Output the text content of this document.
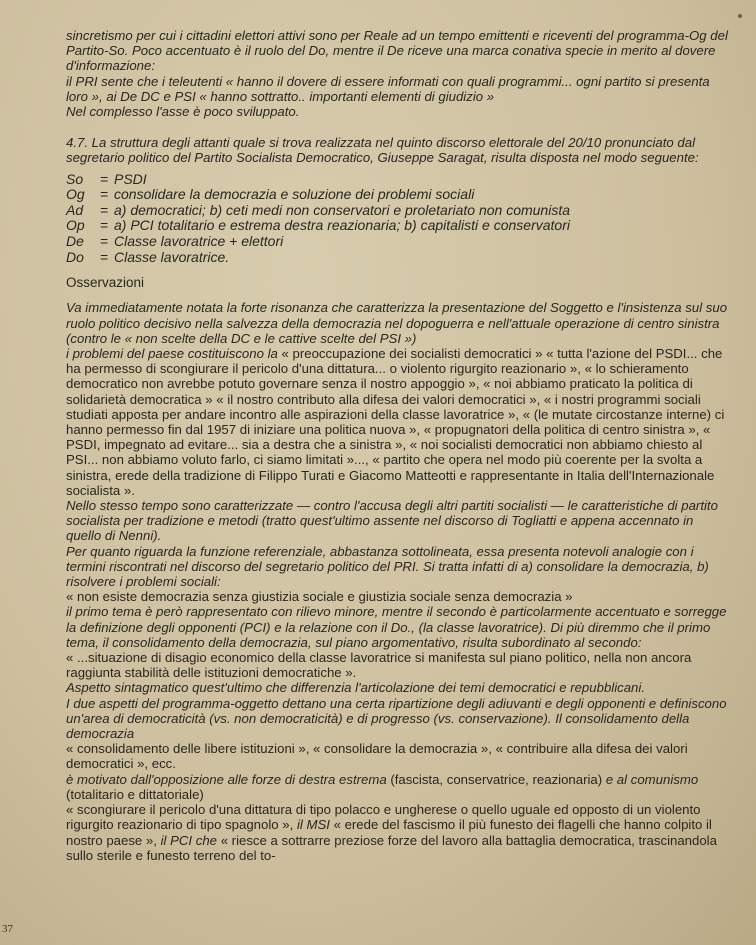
sincretismo per cui i cittadini elettori attivi sono per Reale ad un tempo emittenti e riceventi del programma-Og del Partito-So. Poco accentuato è il ruolo del Do, mentre il De riceve una marca conativa specie in merito al dovere d'informazione:

il PRI sente che i teleutenti « hanno il dovere di essere informati con quali programmi... ogni partito si presenta loro », ai De DC e PSI « hanno sottratto.. importanti elementi di giudizio »

Nel complesso l'asse è poco sviluppato.

4.7. La struttura degli attanti quale si trova realizzata nel quinto discorso elettorale del 20/10 pronunciato dal segretario politico del Partito Socialista Democratico, Giuseppe Saragat, risulta disposta nel modo seguente:

So	= PSDI
Og	= consolidare la democrazia e soluzione dei problemi sociali
Ad	= a) democratici; b) ceti medi non conservatori e proletariato non comunista
Op	= a) PCI totalitario e estrema destra reazionaria; b) capitalisti e conservatori
De	= Classe lavoratrice + elettori
Do	= Classe lavoratrice.

Osservazioni

Va immediatamente notata la forte risonanza che caratterizza la presentazione del Soggetto e l'insistenza sul suo ruolo politico decisivo nella salvezza della democrazia nel dopoguerra e nell'attuale operazione di centro sinistra (contro le « non scelte della DC e le cattive scelte del PSI »)

i problemi del paese costituiscono la « preoccupazione dei socialisti democratici » « tutta l'azione del PSDI... che ha permesso di scongiurare il pericolo d'una dittatura... o violento rigurgito reazionario », « lo schieramento democratico non avrebbe potuto governare senza il nostro appoggio », « noi abbiamo praticato la politica di solidarietà democratica » « il nostro contributo alla difesa dei valori democratici », « i nostri programmi sociali studiati apposta per andare incontro alle aspirazioni della classe lavoratrice », « (le mutate circostanze interne) ci hanno permesso fin dal 1957 di iniziare una politica nuova », « propugnatori della politica di centro sinistra », « PSDI, impegnato ad evitare... sia a destra che a sinistra », « noi socialisti democratici non abbiamo chiesto al PSI... non abbiamo voluto farlo, ci siamo limitati »..., « partito che opera nel modo più coerente per la svolta a sinistra, erede della tradizione di Filippo Turati e Giacomo Matteotti e rappresentante in Italia dell'Internazionale socialista ».

Nello stesso tempo sono caratterizzate — contro l'accusa degli altri partiti socialisti — le caratteristiche di partito socialista per tradizione e metodi (tratto quest'ultimo assente nel discorso di Togliatti e appena accennato in quello di Nenni).

Per quanto riguarda la funzione referenziale, abbastanza sottolineata, essa presenta notevoli analogie con i termini riscontrati nel discorso del segretario politico del PRI. Si tratta infatti di a) consolidare la democrazia, b) risolvere i problemi sociali:

« non esiste democrazia senza giustizia sociale e giustizia sociale senza democrazia »

il primo tema è però rappresentato con rilievo minore, mentre il secondo è particolarmente accentuato e sorregge la definizione degli opponenti (PCI) e la relazione con il Do., (la classe lavoratrice). Di più diremmo che il primo tema, il consolidamento della democrazia, sul piano argomentativo, risulta subordinato al secondo:

« ...situazione di disagio economico della classe lavoratrice si manifesta sul piano politico, nella non ancora raggiunta stabilità delle istituzioni democratiche ».

Aspetto sintagmatico quest'ultimo che differenzia l'articolazione dei temi democratici e repubblicani.

I due aspetti del programma-oggetto dettano una certa ripartizione degli adiuvanti e degli opponenti e definiscono un'area di democraticità (vs. non democraticità) e di progresso (vs. conservazione). Il consolidamento della democrazia

« consolidamento delle libere istituzioni », « consolidare la democrazia », « contribuire alla difesa dei valori democratici », ecc.

è motivato dall'opposizione alle forze di destra estrema (fascista, conservatrice, reazionaria) e al comunismo (totalitario e dittatoriale)

« scongiurare il pericolo d'una dittatura di tipo polacco e ungherese o quello uguale ed opposto di un violento rigurgito reazionario di tipo spagnolo », il MSI « erede del fascismo il più funesto dei flagelli che hanno colpito il nostro paese », il PCI che « riesce a sottrarre preziose forze del lavoro alla battaglia democratica, trascinandola sullo sterile e funesto terreno del to-

37
